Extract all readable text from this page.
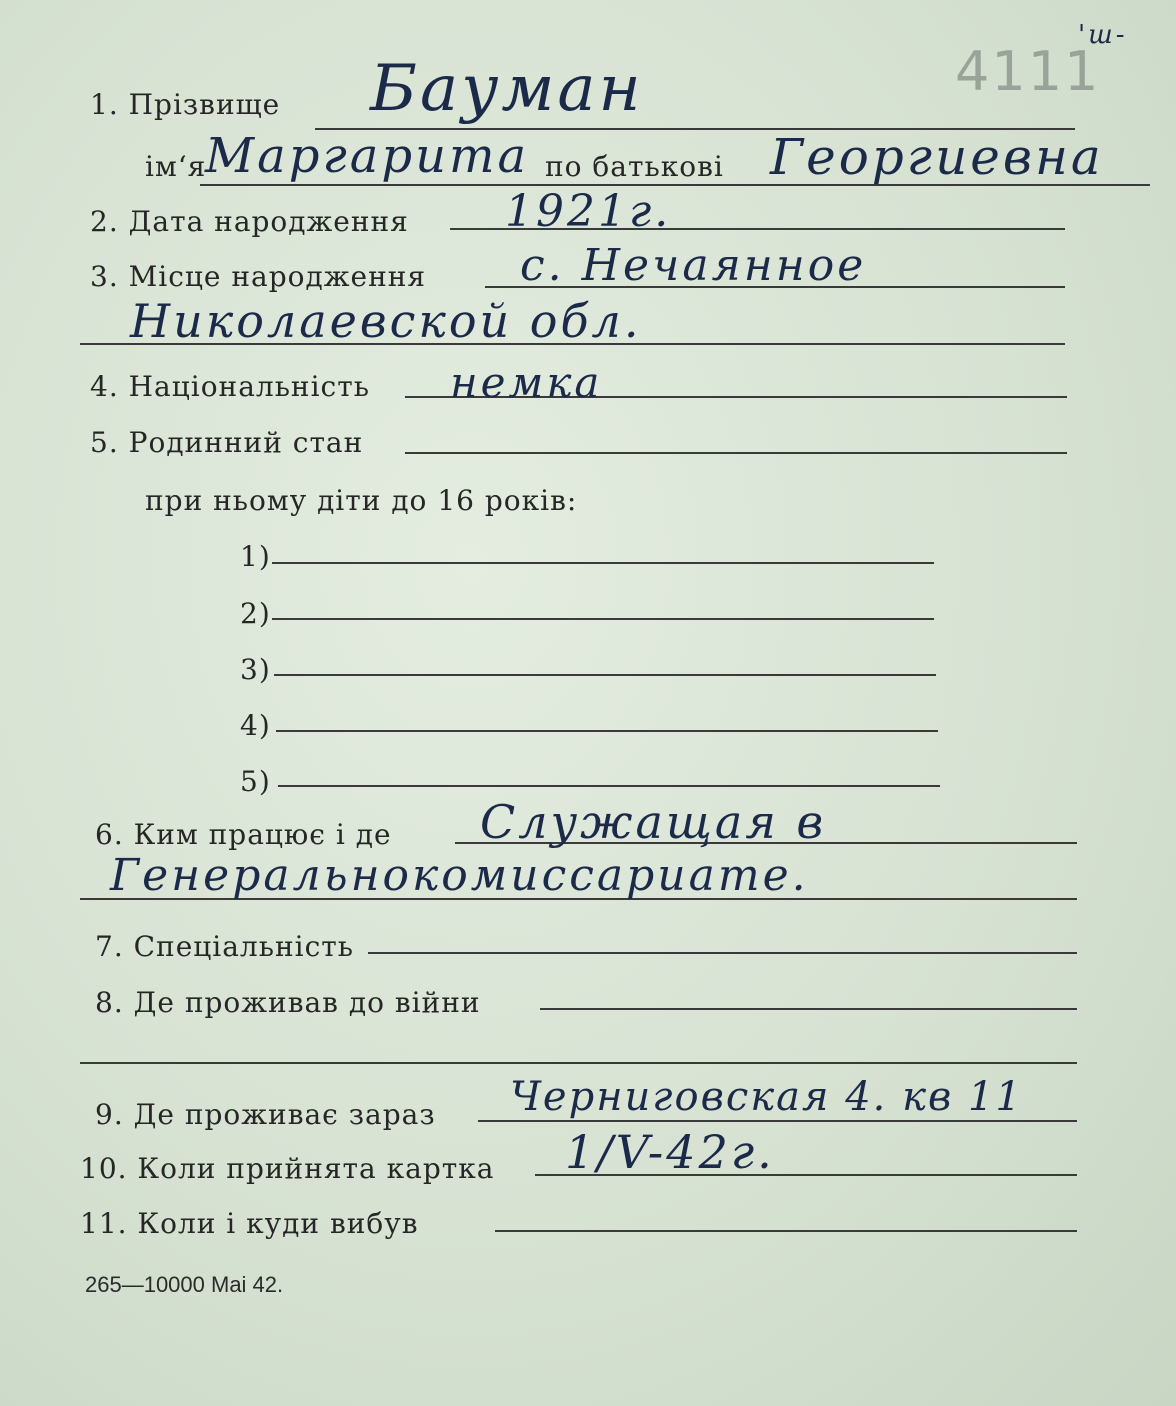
4111
'ш-
1. Прізвище Бауман
ім‘я
Маргарита по батькові Георгиевна
2. Дата народження 1921г.
3. Місце народження с. Нечаянное
Николаевской обл.
4. Національність немка
5. Родинний стан
при ньому діти до 16 років:
1)
2)
3)
4)
5)
6. Ким працює і де Служащая в
Генеральнокомиссариате.
7. Спеціальність
8. Де проживав до війни
9. Де проживає зараз Черниговская 4. кв 11
10. Коли прийнята картка 1/V-42г.
11. Коли і куди вибув
265—10000 Mai 42.
